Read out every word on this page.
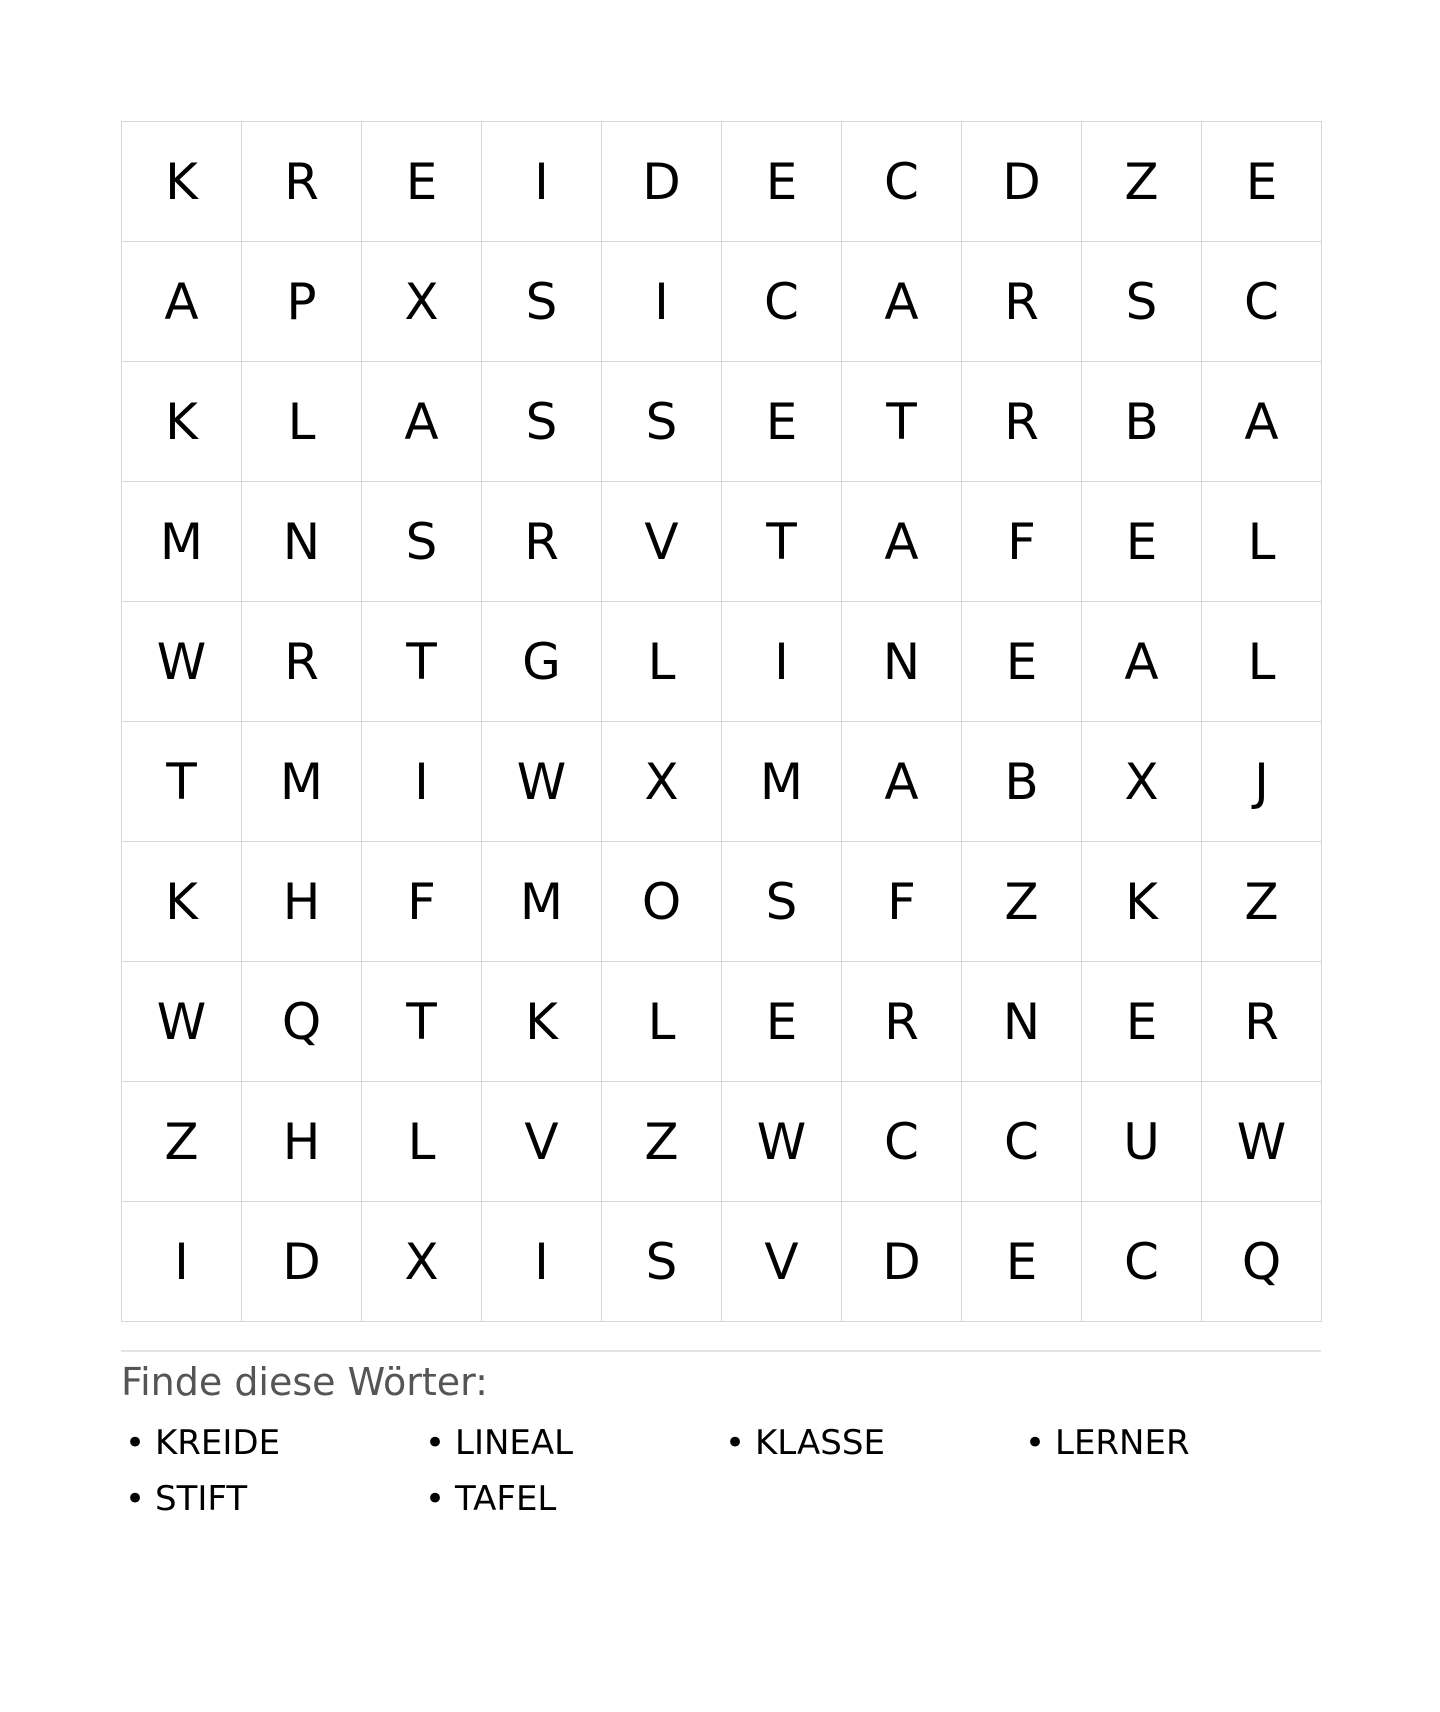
K	R	E	I	D	E	C	D	Z	E
A	P	X	S	I	C	A	R	S	C
K	L	A	S	S	E	T	R	B	A
M	N	S	R	V	T	A	F	E	L
W	R	T	G	L	I	N	E	A	L
T	M	I	W	X	M	A	B	X	J
K	H	F	M	O	S	F	Z	K	Z
W	Q	T	K	L	E	R	N	E	R
Z	H	L	V	Z	W	C	C	U	W
I	D	X	I	S	V	D	E	C	Q
Finde diese Wörter:
• KREIDE	• LINEAL	• KLASSE	• LERNER
• STIFT	• TAFEL
